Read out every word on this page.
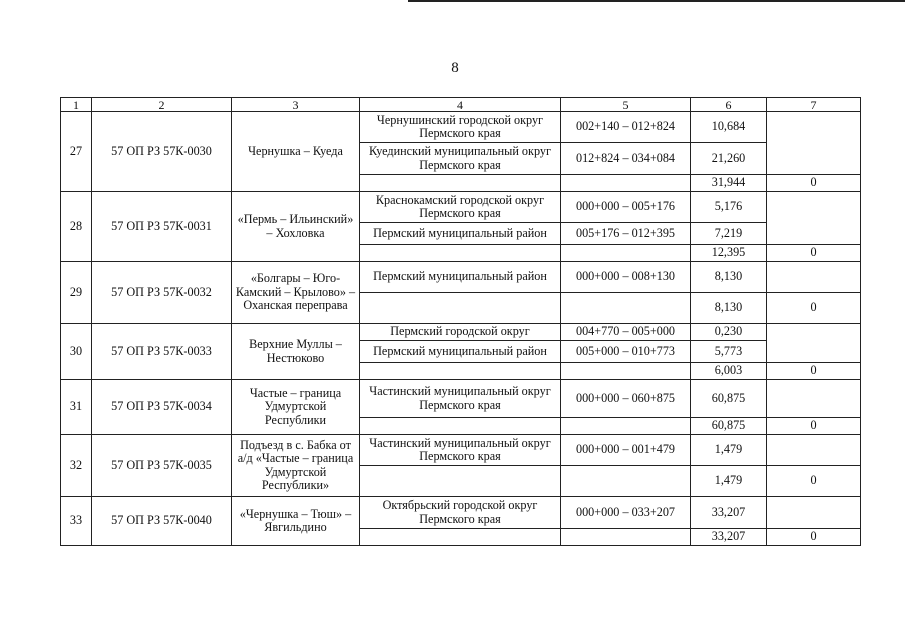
8
1	2	3	4	5	6	7
27	57 ОП РЗ 57К-0030	Чернушка – Куеда	Чернушинский городской округ Пермского края	002+140 – 012+824	10,684	
			Куединский муниципальный округ Пермского края	012+824 – 034+084	21,260	
					31,944	0
28	57 ОП РЗ 57К-0031	«Пермь – Ильинский» – Хохловка	Краснокамский городской округ Пермского края	000+000 – 005+176	5,176	
			Пермский муниципальный район	005+176 – 012+395	7,219	
					12,395	0
29	57 ОП РЗ 57К-0032	«Болгары – Юго-Камский – Крылово» – Оханская переправа	Пермский муниципальный район	000+000 – 008+130	8,130	
					8,130	0
30	57 ОП РЗ 57К-0033	Верхние Муллы – Нестюково	Пермский городской округ	004+770 – 005+000	0,230	
			Пермский муниципальный район	005+000 – 010+773	5,773	
					6,003	0
31	57 ОП РЗ 57К-0034	Частые – граница Удмуртской Республики	Частинский муниципальный округ Пермского края	000+000 – 060+875	60,875	
					60,875	0
32	57 ОП РЗ 57К-0035	Подъезд в с. Бабка от а/д «Частые – граница Удмуртской Республики»	Частинский муниципальный округ Пермского края	000+000 – 001+479	1,479	
					1,479	0
33	57 ОП РЗ 57К-0040	«Чернушка – Тюш» – Явгильдино	Октябрьский городской округ Пермского края	000+000 – 033+207	33,207	
					33,207	0
